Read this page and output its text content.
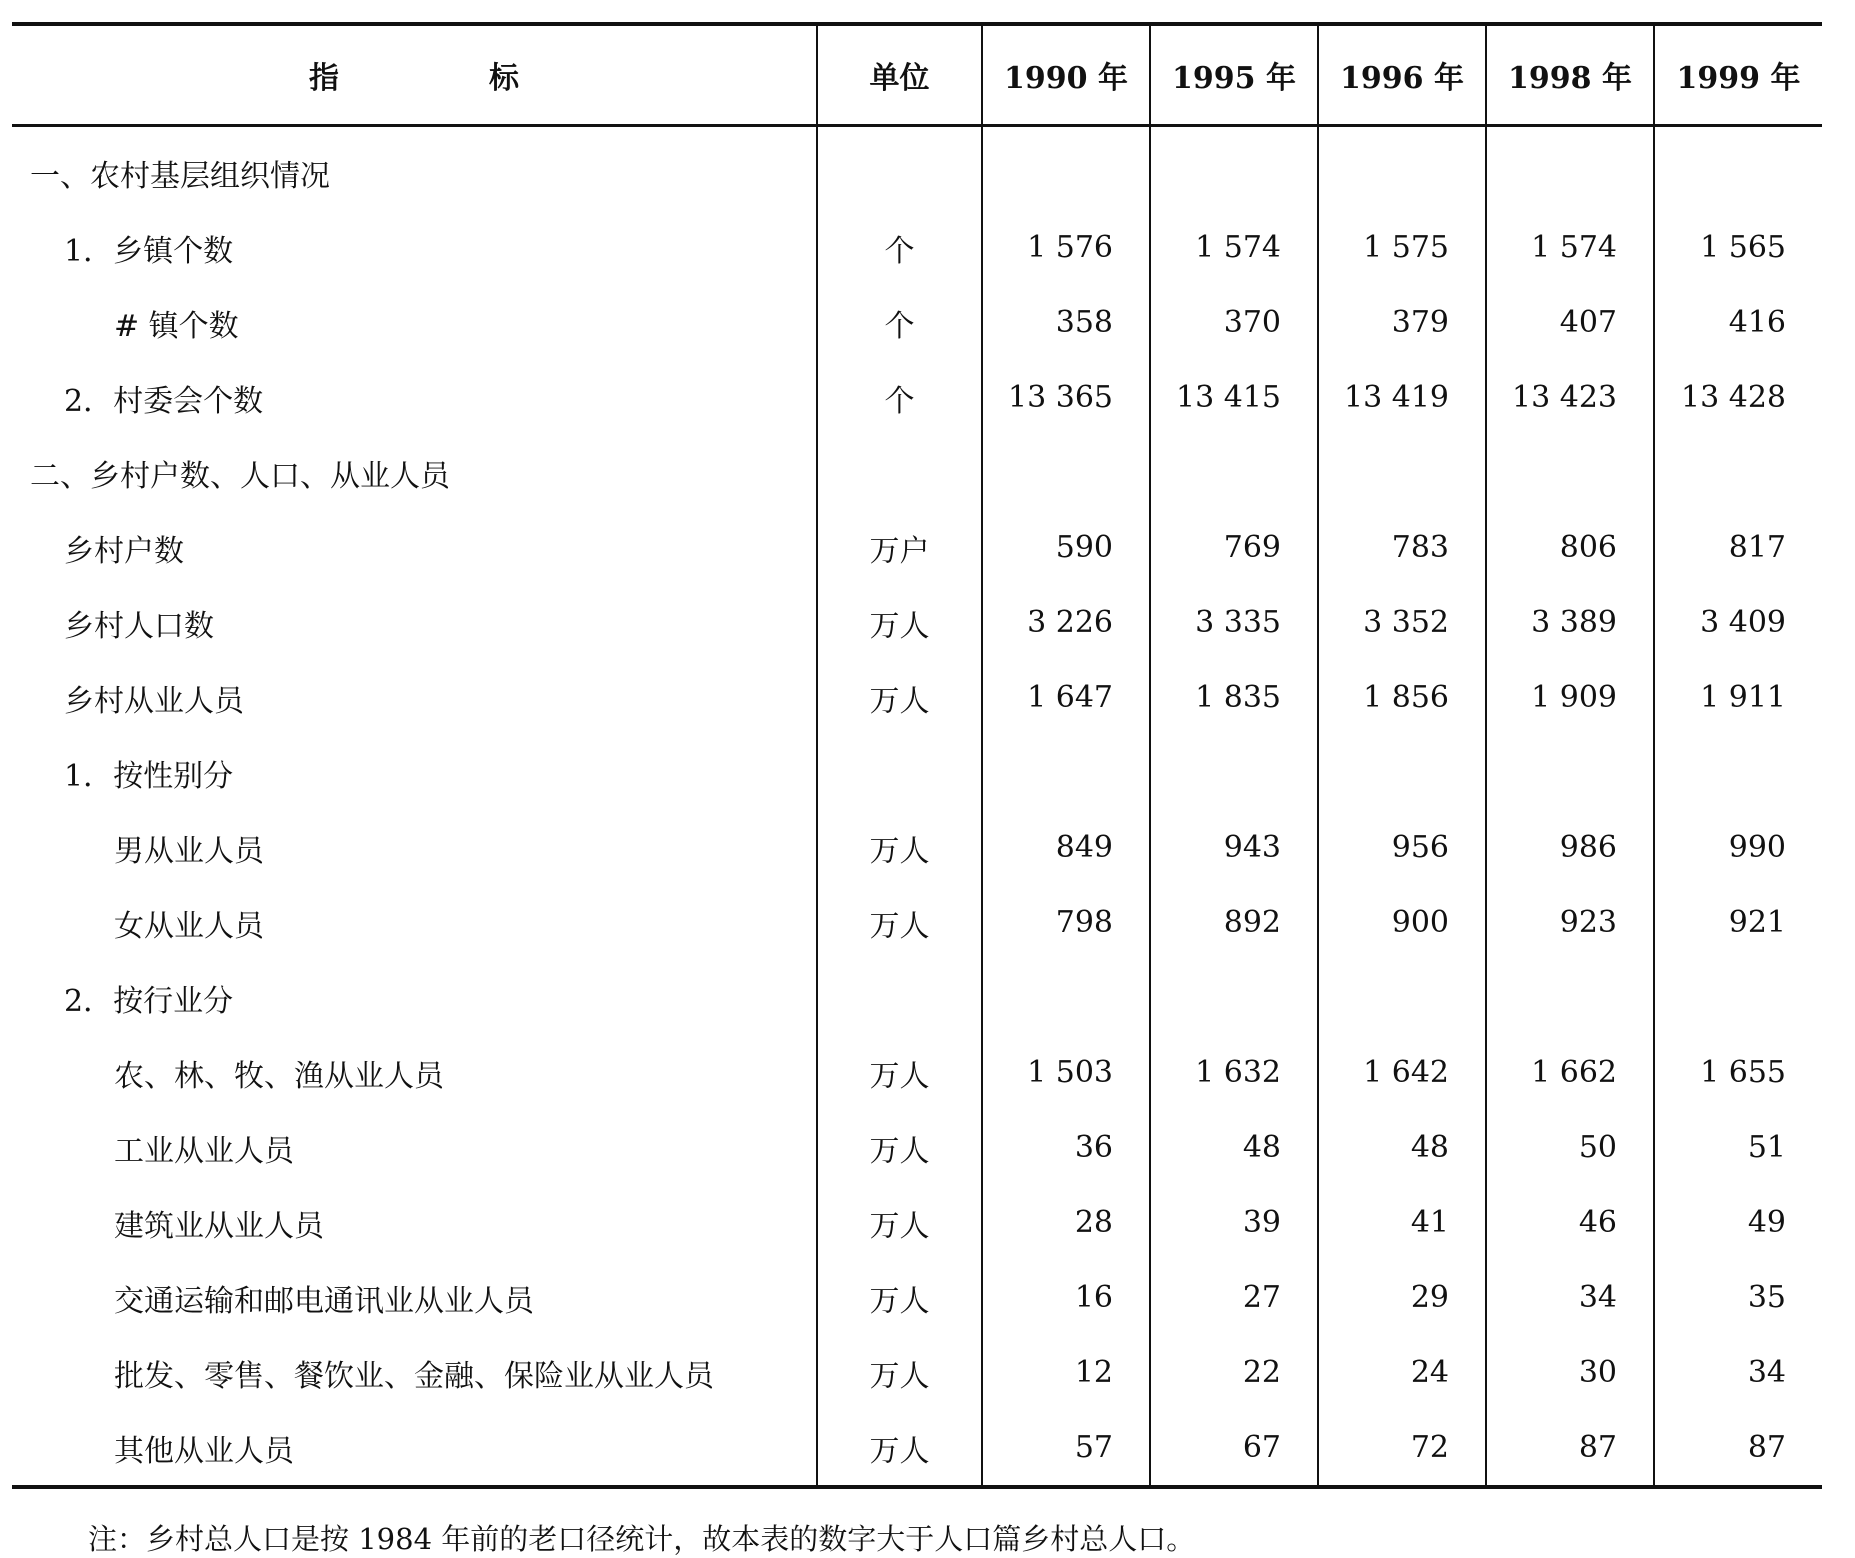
指 标	单位	1990 年	1995 年	1996 年	1998 年	1999 年
一、农村基层组织情况						
1．乡镇个数	个	1 576	1 574	1 575	1 574	1 565
# 镇个数	个	358	370	379	407	416
2．村委会个数	个	13 365	13 415	13 419	13 423	13 428
二、乡村户数、人口、从业人员						
乡村户数	万户	590	769	783	806	817
乡村人口数	万人	3 226	3 335	3 352	3 389	3 409
乡村从业人员	万人	1 647	1 835	1 856	1 909	1 911
1．按性别分						
男从业人员	万人	849	943	956	986	990
女从业人员	万人	798	892	900	923	921
2．按行业分						
农、林、牧、渔从业人员	万人	1 503	1 632	1 642	1 662	1 655
工业从业人员	万人	36	48	48	50	51
建筑业从业人员	万人	28	39	41	46	49
交通运输和邮电通讯业从业人员	万人	16	27	29	34	35
批发、零售、餐饮业、金融、保险业从业人员	万人	12	22	24	30	34
其他从业人员	万人	57	67	72	87	87
注：乡村总人口是按 1984 年前的老口径统计，故本表的数字大于人口篇乡村总人口。
